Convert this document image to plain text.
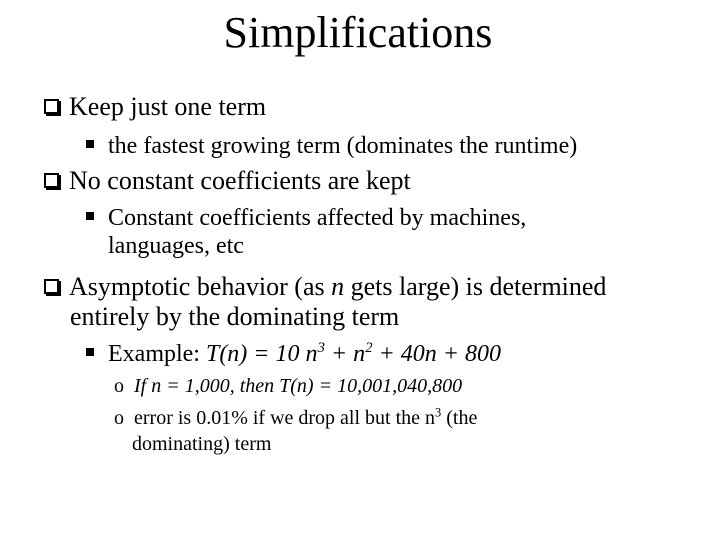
Simplifications
Keep just one term
the fastest growing term (dominates the runtime)
No constant coefficients are kept
Constant coefficients affected by machines,
languages, etc
Asymptotic behavior (as n gets large) is determined
entirely by the dominating term
Example: T(n) = 10 $n^3 + n^2 + 40n + 800$
o If n = 1,000, then T(n) = 10,001,040,800
o error is 0.01% if we drop all but the $n^3$ (the
dominating) term
